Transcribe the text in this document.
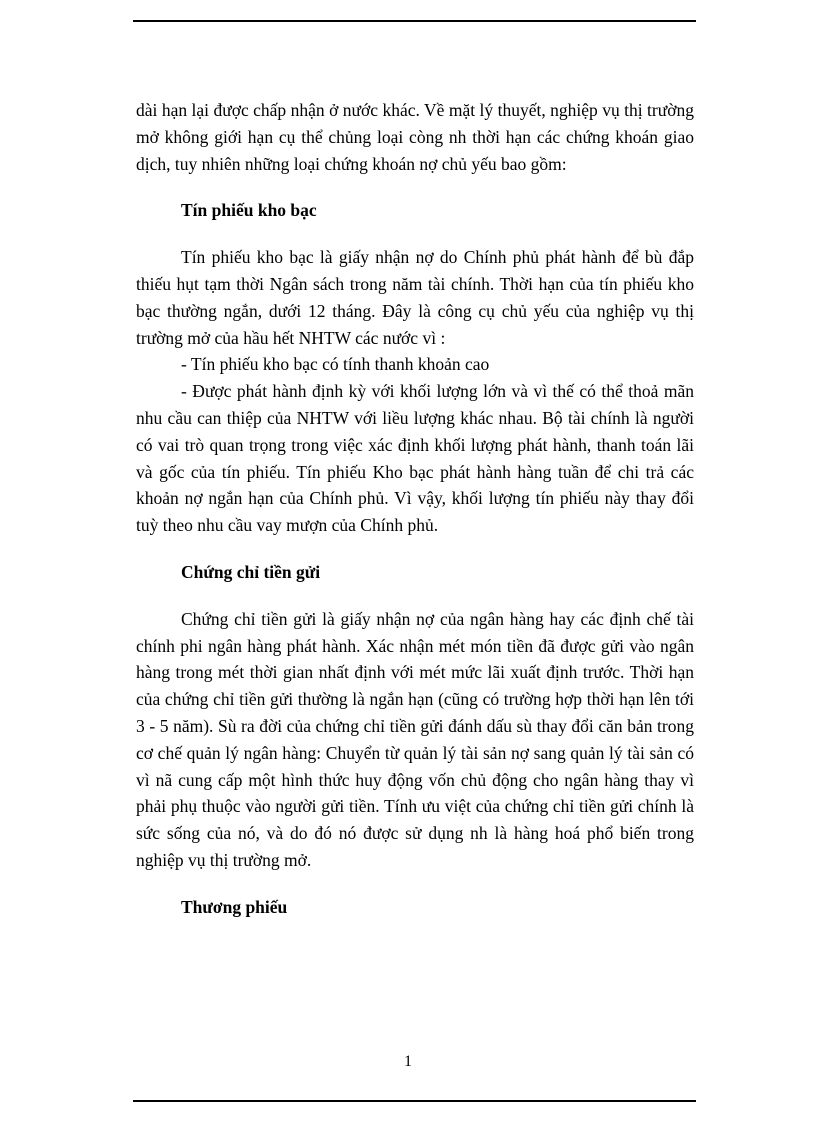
dài hạn lại được chấp nhận ở nước khác. Về mặt lý thuyết, nghiệp vụ thị trường mở không giới hạn cụ thể chủng loại còng nh thời hạn các chứng khoán giao dịch, tuy nhiên những loại chứng khoán nợ chủ yếu bao gồm:

Tín phiếu kho bạc

Tín phiếu kho bạc là giấy nhận nợ do Chính phủ phát hành để bù đắp thiếu hụt tạm thời Ngân sách trong năm tài chính. Thời hạn của tín phiếu kho bạc thường ngắn, dưới 12 tháng. Đây là công cụ chủ yếu của nghiệp vụ thị trường mở của hầu hết NHTW các nước vì :

- Tín phiếu kho bạc có tính thanh khoản cao

- Được phát hành định kỳ với khối lượng lớn và vì thế có thể thoả mãn nhu cầu can thiệp của NHTW với liều lượng khác nhau. Bộ tài chính là người có vai trò quan trọng trong việc xác định khối lượng phát hành, thanh toán lãi và gốc của tín phiếu. Tín phiếu Kho bạc phát hành hàng tuần để chi trả các khoản nợ ngắn hạn của Chính phủ. Vì vậy, khối lượng tín phiếu này thay đổi tuỳ theo nhu cầu vay mượn của Chính phủ.

Chứng chỉ tiền gửi

Chứng chỉ tiền gửi là giấy nhận nợ của ngân hàng hay các định chế tài chính phi ngân hàng phát hành. Xác nhận mét món tiền đã được gửi vào ngân hàng trong mét thời gian nhất định với mét mức lãi xuất định trước. Thời hạn của chứng chỉ tiền gửi thường là ngắn hạn (cũng có trường hợp thời hạn lên tới 3 - 5 năm). Sù ra đời của chứng chỉ tiền gửi đánh dấu sù thay đổi căn bản trong cơ chế quản lý ngân hàng: Chuyển từ quản lý tài sản nợ sang quản lý tài sản có vì nã cung cấp một hình thức huy động vốn chủ động cho ngân hàng thay vì phải phụ thuộc vào người gửi tiền. Tính ưu việt của chứng chỉ tiền gửi chính là sức sống của nó, và do đó nó được sử dụng nh là hàng hoá phổ biến trong nghiệp vụ thị trường mở.

Thương phiếu

1
